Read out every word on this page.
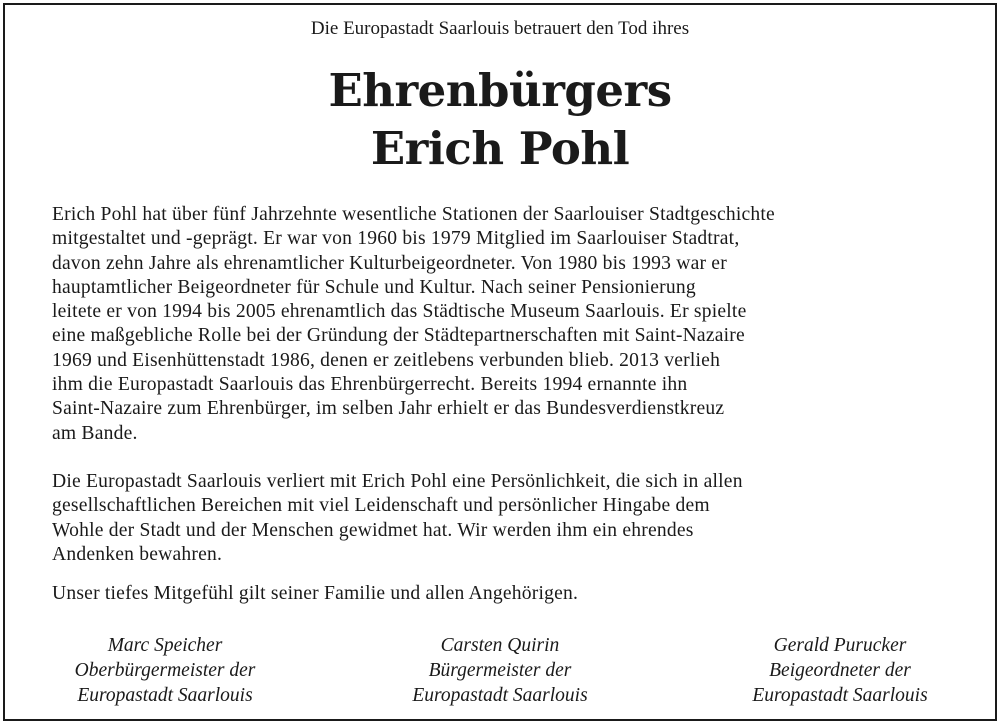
Die Europastadt Saarlouis betrauert den Tod ihres
Ehrenbürgers
Erich Pohl
Erich Pohl hat über fünf Jahrzehnte wesentliche Stationen der Saarlouiser Stadtgeschichte
mitgestaltet und -geprägt. Er war von 1960 bis 1979 Mitglied im Saarlouiser Stadtrat,
davon zehn Jahre als ehrenamtlicher Kulturbeigeordneter. Von 1980 bis 1993 war er
hauptamtlicher Beigeordneter für Schule und Kultur. Nach seiner Pensionierung
leitete er von 1994 bis 2005 ehrenamtlich das Städtische Museum Saarlouis. Er spielte
eine maßgebliche Rolle bei der Gründung der Städtepartnerschaften mit Saint-Nazaire
1969 und Eisenhüttenstadt 1986, denen er zeitlebens verbunden blieb. 2013 verlieh
ihm die Europastadt Saarlouis das Ehrenbürgerrecht. Bereits 1994 ernannte ihn
Saint-Nazaire zum Ehrenbürger, im selben Jahr erhielt er das Bundesverdienstkreuz
am Bande.
Die Europastadt Saarlouis verliert mit Erich Pohl eine Persönlichkeit, die sich in allen
gesellschaftlichen Bereichen mit viel Leidenschaft und persönlicher Hingabe dem
Wohle der Stadt und der Menschen gewidmet hat. Wir werden ihm ein ehrendes
Andenken bewahren.
Unser tiefes Mitgefühl gilt seiner Familie und allen Angehörigen.
Marc Speicher
Oberbürgermeister der
Europastadt Saarlouis
Carsten Quirin
Bürgermeister der
Europastadt Saarlouis
Gerald Purucker
Beigeordneter der
Europastadt Saarlouis
